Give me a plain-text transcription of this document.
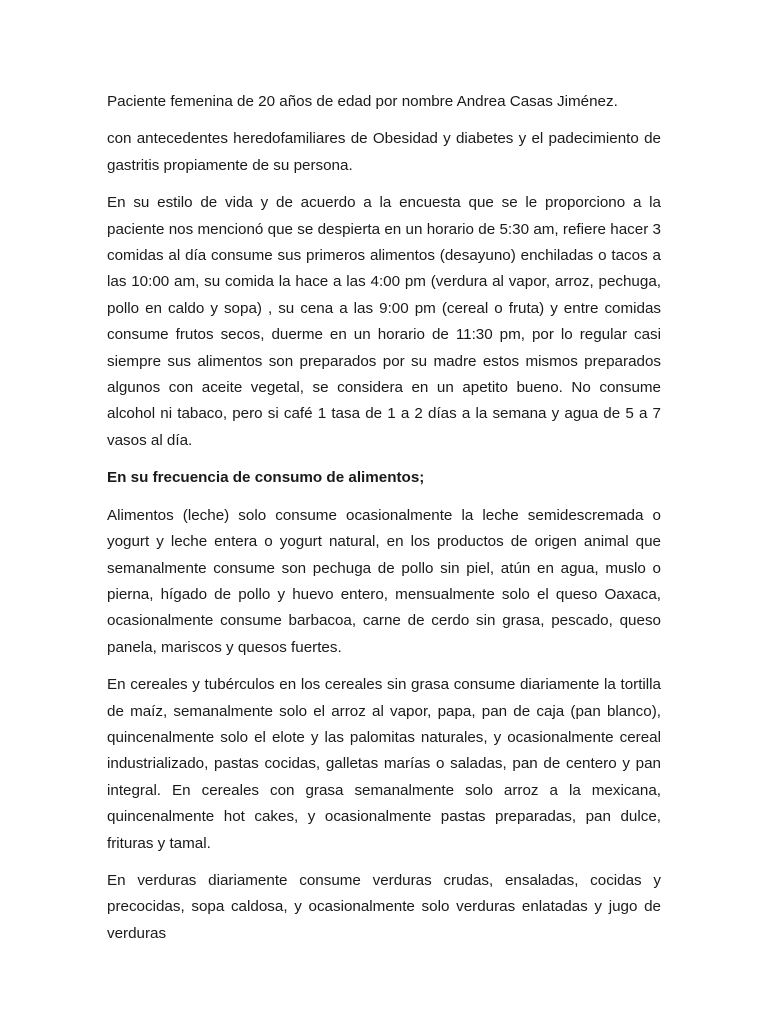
Paciente femenina de 20 años de edad por nombre Andrea Casas Jiménez.

con antecedentes heredofamiliares de Obesidad y diabetes y el padecimiento de gastritis propiamente de su persona.

En su estilo de vida y de acuerdo a la encuesta que se le proporciono a la paciente nos mencionó que se despierta en un horario de 5:30 am, refiere hacer 3 comidas al día consume sus primeros alimentos (desayuno) enchiladas o tacos a las 10:00 am, su comida la hace a las 4:00 pm (verdura al vapor, arroz, pechuga, pollo en caldo y sopa) , su cena a las 9:00 pm (cereal o fruta) y entre comidas consume frutos secos, duerme en un horario de 11:30 pm, por lo regular casi siempre sus alimentos son preparados por su madre estos mismos preparados algunos con aceite vegetal, se considera en un apetito bueno. No consume alcohol ni tabaco, pero si café 1 tasa de 1 a 2 días a la semana y agua de 5 a 7 vasos al día.

En su frecuencia de consumo de alimentos;

Alimentos (leche) solo consume ocasionalmente la leche semidescremada o yogurt y leche entera o yogurt natural, en los productos de origen animal que semanalmente consume son pechuga de pollo sin piel, atún en agua, muslo o pierna, hígado de pollo y huevo entero, mensualmente solo el queso Oaxaca, ocasionalmente consume barbacoa, carne de cerdo sin grasa, pescado, queso panela, mariscos y quesos fuertes.

En cereales y tubérculos en los cereales sin grasa consume diariamente la tortilla de maíz, semanalmente solo el arroz al vapor, papa, pan de caja (pan blanco), quincenalmente solo el elote y las palomitas naturales, y ocasionalmente cereal industrializado, pastas cocidas, galletas marías o saladas, pan de centero y pan integral. En cereales con grasa semanalmente solo arroz a la mexicana, quincenalmente hot cakes, y ocasionalmente pastas preparadas, pan dulce, frituras y tamal.

En verduras diariamente consume verduras crudas, ensaladas, cocidas y precocidas, sopa caldosa, y ocasionalmente solo verduras enlatadas y jugo de verduras
